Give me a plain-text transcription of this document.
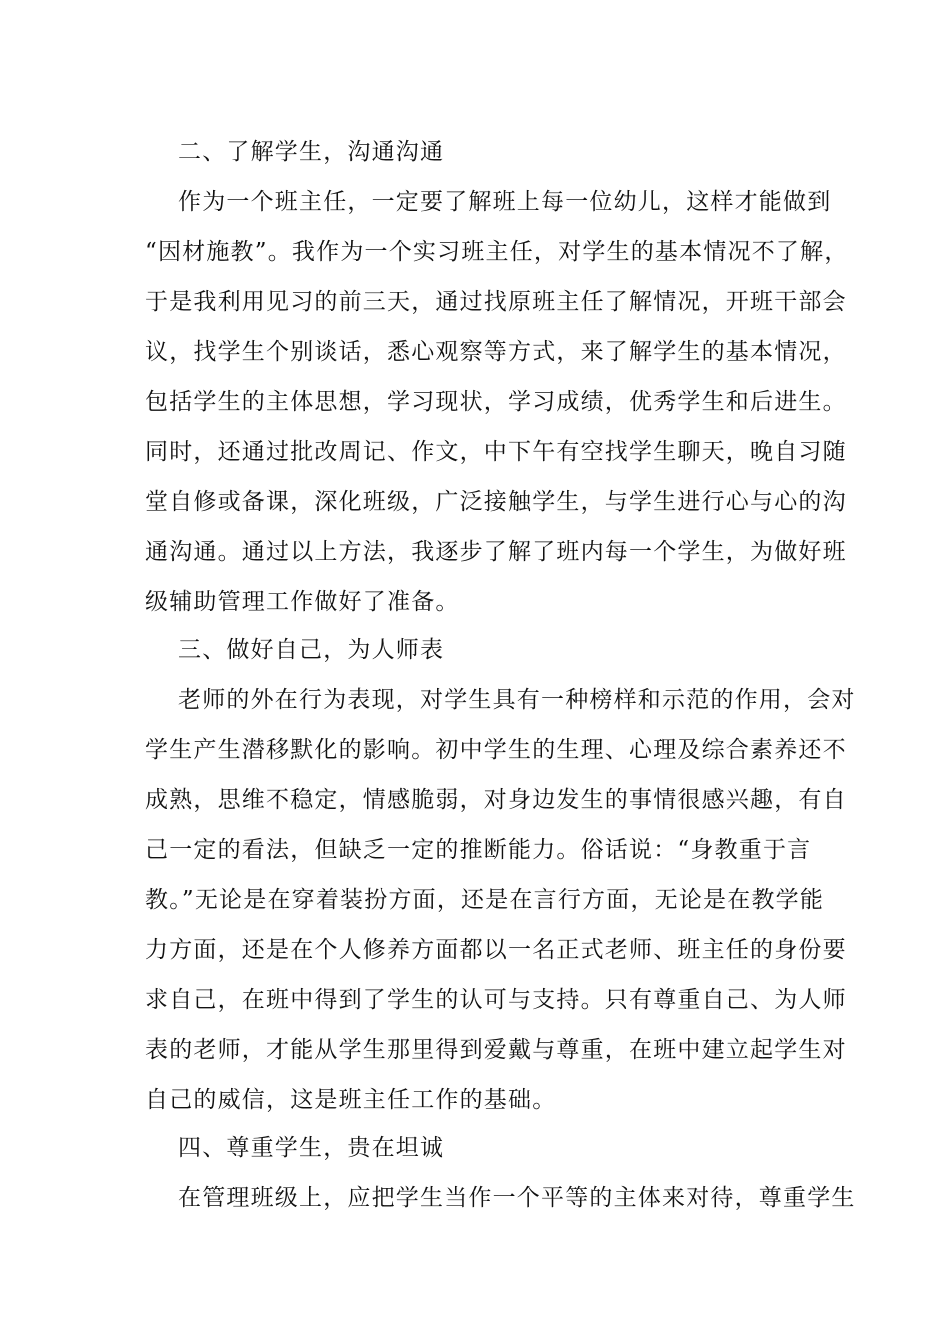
二、了解学生，沟通沟通
作为一个班主任，一定要了解班上每一位幼儿，这样才能做到
“因材施教”。我作为一个实习班主任，对学生的基本情况不了解，
于是我利用见习的前三天，通过找原班主任了解情况，开班干部会
议，找学生个别谈话，悉心观察等方式，来了解学生的基本情况，
包括学生的主体思想，学习现状，学习成绩，优秀学生和后进生。
同时，还通过批改周记、作文，中下午有空找学生聊天，晚自习随
堂自修或备课，深化班级，广泛接触学生，与学生进行心与心的沟
通沟通。通过以上方法，我逐步了解了班内每一个学生，为做好班
级辅助管理工作做好了准备。
三、做好自己，为人师表
老师的外在行为表现，对学生具有一种榜样和示范的作用，会对
学生产生潜移默化的影响。初中学生的生理、心理及综合素养还不
成熟，思维不稳定，情感脆弱，对身边发生的事情很感兴趣，有自
己一定的看法，但缺乏一定的推断能力。俗话说：“身教重于言
教。”无论是在穿着装扮方面，还是在言行方面，无论是在教学能
力方面，还是在个人修养方面都以一名正式老师、班主任的身份要
求自己，在班中得到了学生的认可与支持。只有尊重自己、为人师
表的老师，才能从学生那里得到爱戴与尊重，在班中建立起学生对
自己的威信，这是班主任工作的基础。
四、尊重学生，贵在坦诚
在管理班级上，应把学生当作一个平等的主体来对待，尊重学生
